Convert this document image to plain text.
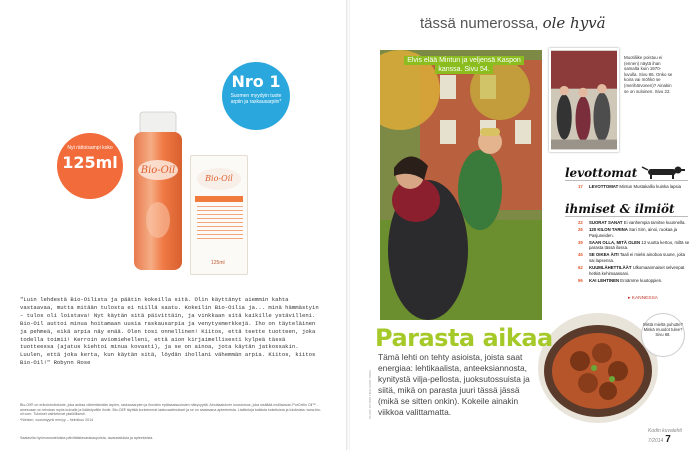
Nro 1
Suomen myydyin tuote arpiin ja raskausarpiin*
Nyt rättoisampi koko
125ml	Bio-Oil
Bio-Oil
125ml
"Luin lehdestä Bio-Oilista ja päätin kokeilla sitä. Olin käyttänyt aiemmin kahta vastaavaa, mutta mitään tulosta ei niillä saatu. Kokeilin Bio-Oilia ja... minä hämmästyin – tulos oli loistava! Nyt käytän sitä päivittäin, ja vinkkaan sitä kaikille ystävilleni. Bio-Oil auttoi minua hoitamaan uusia raskausarpia ja venytysmerkkejä. Iho on täyteläinen ja pehmeä, eikä arpia näy enää. Olen tosi onnellinen! Kiitos, että teette tuotteen, joka todella toimii! Kerroin aviomiehelleni, että aion kirjaimellisesti kylpeä tässä tuotteessa (ajatus kiehtoi minua kovasti), ja se on ainoa, jota käytän jatkossakin. Luulen, että joka kerta, kun käytän sitä, löydän ihollani vähemmän arpia. Kiitos, kiitos Bio-Oil!" Robynn Rose
Bio-Oil® on erikoishoitotuote, joka auttaa vähentämään arpien, raskausarpien ja ihovärin epätasaisuuksien näkyvyyttä. Ainutlaatuinen koostumus, joka sisältää mullistavan PurCellin Oil™ -ainesosan on tehokas myös kuivalle ja ikääntyvälle iholle. Bio-Oil® täyttää korkeimmat laatuvaatimukset ja se on saatavana apteekeista. Lisätietoja kaikista kokeiluista ja tuloksista: www.bio-oil.com. Tulokset vaihtelevat yksilöllisesti.
*Nielsen, vuosimyynti mm/yy – helmikuu 2014
Saatavilla hyvinvarustetuista päivittäistavarakaupoista, tavarataloista ja apteekeista.
tässä numerossa, ole hyvä
Elvis elää Mintun ja veljensä Kaspon kanssa. Sivu 54.
Muotiliike poistuu ei (ennen) näytä ihan samalta kuin 1970-luvulla. Sivu 86. Onko se koira vai möhkö se (merihärvonen)? Ainakin se on suloinen. Sivu 22.
levottomat
17	LEVOTTOMAT Mintun Mustakallio kuinka lapsia
ihmiset & ilmiöt
22	SUORAT SANAT Ei vanhempia tarvitse kuunnella.
26	120 KILON TARINA Sari Sirn, ainoi, ruokaa ja Pasjuneiden.
39	SAAN OLLA, MITÄ OLEN 13 vuotta kertoo, miltä se parasta tässä ilossa.
46	SE OIKEA ÄITI Taali ei mielsi ainoboa suune, joita sai lapsensa.
62	KUUMLÄHETTILÄÄT Ulkomaanmaiset selvenpat hetkiä kehimaassani.
96	KAI LEHTINEN Eroämme kuutoppien.
▸ KANNESSA
Mistä mieltä puhutte? Minkä muodot tulee? Sivu 68.
Parasta aikaa
Tämä lehti on tehty asioista, joista saat energiaa: lehtikaalista, anteeksiannosta, kynitystä vilja-pellosta, juoksutossuista ja siitä, mikä on parasta juuri tässä jässä (mikä se sitten onkin). Kokeile ainakin viikkoa valittamatta.
KUVAT STUDIO TIINA SAND TIKKA
Kodin kuvalehti 7/2014 7
